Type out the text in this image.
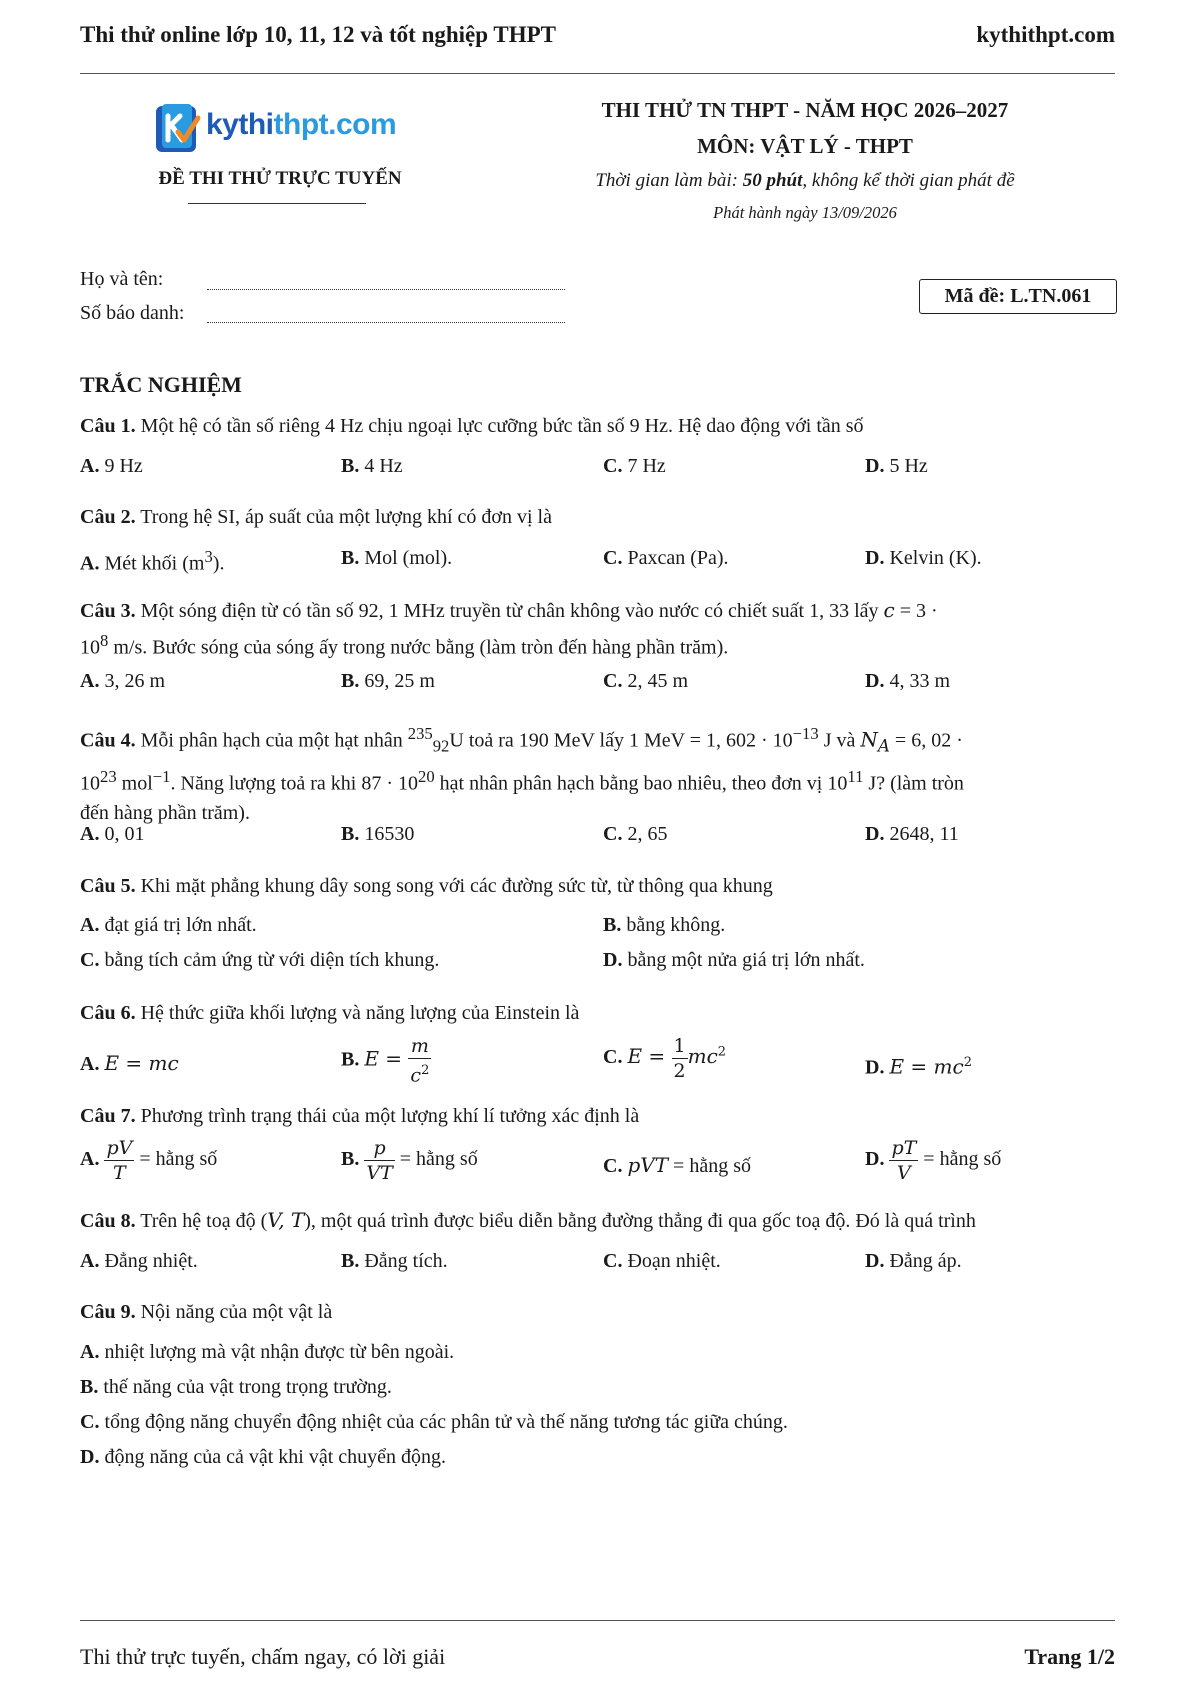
Thi thử online lớp 10, 11, 12 và tốt nghiệp THPT	kythithpt.com
kythithpt.com
ĐỀ THI THỬ TRỰC TUYẾN
THI THỬ TN THPT - NĂM HỌC 2026–2027
MÔN: VẬT LÝ - THPT
Thời gian làm bài: 50 phút, không kể thời gian phát đề
Phát hành ngày 13/09/2026
Họ và tên:
Số báo danh:
Mã đề: L.TN.061
TRẮC NGHIỆM
Câu 1. Một hệ có tần số riêng 4 Hz chịu ngoại lực cưỡng bức tần số 9 Hz. Hệ dao động với tần số
A. 9 Hz	B. 4 Hz	C. 7 Hz	D. 5 Hz
Câu 2. Trong hệ SI, áp suất của một lượng khí có đơn vị là
A. Mét khối $(m^3)$.	B. Mol (mol).	C. Paxcan (Pa).	D. Kelvin (K).
Câu 3. Một sóng điện từ có tần số 92, 1 MHz truyền từ chân không vào nước có chiết suất 1, 33 lấy c = 3 ·
$10^8$ m/s. Bước sóng của sóng ấy trong nước bằng (làm tròn đến hàng phần trăm).
A. 3, 26 m	B. 69, 25 m	C. 2, 45 m	D. 4, 33 m
Câu 4. Mỗi phân hạch của một hạt nhân $^{235}_{92}$U toả ra 190 MeV lấy 1 MeV = 1, $602 \cdot 10^{-13}$ J và $N_A = 6$, 02 ·
$10^{23}$ mol$^{-1}$. Năng lượng toả ra khi $87 \cdot 10^{20}$ hạt nhân phân hạch bằng bao nhiêu, theo đơn vị $10^{11}$ J? (làm tròn
đến hàng phần trăm).
A. 0, 01	B. 16530	C. 2, 65	D. 2648, 11
Câu 5. Khi mặt phẳng khung dây song song với các đường sức từ, từ thông qua khung
A. đạt giá trị lớn nhất.	B. bằng không.
C. bằng tích cảm ứng từ với diện tích khung.	D. bằng một nửa giá trị lớn nhất.
Câu 6. Hệ thức giữa khối lượng và năng lượng của Einstein là
A. E = mc	B. $E = \frac{m}{c^2}$	C. $E = \frac{1}{2} mc^2$
D. $E = mc^2$
Câu 7. Phương trình trạng thái của một lượng khí lí tưởng xác định là
A. $\frac{pV}{T}$ = hằng số	B. $\frac{p}{VT}$ = hằng số	C. pVT = hằng số	D. $\frac{pT}{V}$ = hằng số
Câu 8. Trên hệ toạ độ (V, T), một quá trình được biểu diễn bằng đường thẳng đi qua gốc toạ độ. Đó là quá trình
A. Đẳng nhiệt.	B. Đẳng tích.	C. Đoạn nhiệt.	D. Đẳng áp.
Câu 9. Nội năng của một vật là
A. nhiệt lượng mà vật nhận được từ bên ngoài.
B. thế năng của vật trong trọng trường.
C. tổng động năng chuyển động nhiệt của các phân tử và thế năng tương tác giữa chúng.
D. động năng của cả vật khi vật chuyển động.
Thi thử trực tuyến, chấm ngay, có lời giải	Trang 1/2
